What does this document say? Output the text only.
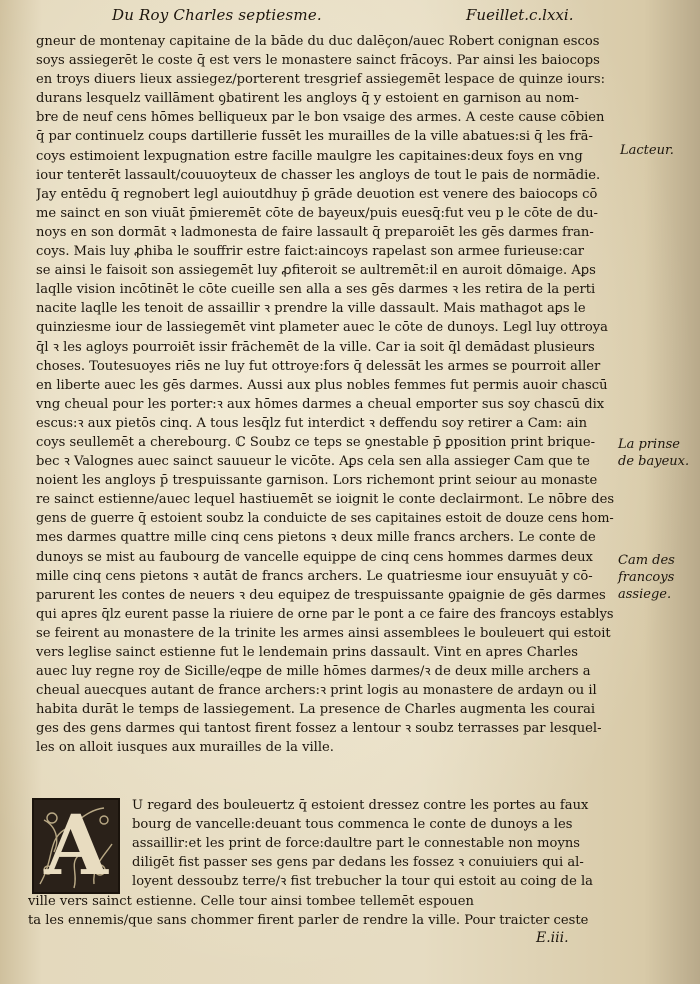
Du Roy Charles septiesme.	Fueillet.c.lxxi.
gneur de montenay capitaine de la bāde du duc dalēçon/auec Robert conignan escos
soys assiegerēt le coste q̄ est vers le monastere sainct frācoys. Par ainsi les baiocops
en troys diuers lieux assiegez/porterent tresgrief assiegemēt lespace de quinze iours:
durans lesquelz vaillāment ꝯbatirent les angloys q̄ y estoient en garnison au nom-
bre de neuf cens hōmes belliqueux par le bon vsaige des armes. A ceste cause cōbien
q̄ par continuelz coups dartillerie fussēt les murailles de la ville abatues:si q̄ les frā-
coys estimoient lexpugnation estre facille maulgre les capitaines:deux foys en vng
iour tenterēt lassault/couuoyteux de chasser les angloys de tout le pais de normādie.
Jay entēdu q̄ regnobert legl auioutdhuy p̄ grāde deuotion est venere des baiocops cō
me sainct en son viuāt p̄mieremēt cōte de bayeux/puis euesq̄:fut veu p le cōte de du-
noys en son dormāt ꝛ ladmonesta de faire lassault q̄ preparoiēt les gēs darmes fran-
coys. Mais luy ꝓhiba le souffrir estre faict:aincoys rapelast son armee furieuse:car
se ainsi le faisoit son assiegemēt luy ꝓfiteroit se aultremēt:il en auroit dōmaige. Aꝑs
laqlle vision incōtinēt le cōte cueille sen alla a ses gēs darmes ꝛ les retira de la perti
nacite laqlle les tenoit de assaillir ꝛ prendre la ville dassault. Mais mathagot aꝑs le
quinziesme iour de lassiegemēt vint plameter auec le cōte de dunoys. Legl luy ottroya
q̄l ꝛ les agloys pourroiēt issir frāchemēt de la ville. Car ia soit q̄l demādast plusieurs
choses. Toutesuoyes riēs ne luy fut ottroye:fors q̄ delessāt les armes se pourroit aller
en liberte auec les gēs darmes. Aussi aux plus nobles femmes fut permis auoir chascū
vng cheual pour les porter:ꝛ aux hōmes darmes a cheual emporter sus soy chascū dix
escus:ꝛ aux pietōs cinq. A tous lesq̄lz fut interdict ꝛ deffendu soy retirer a Cam: ain
coys seullemēt a cherebourg. ℂ Soubz ce teps se ꝯnestable p̄ ꝑposition print brique-
bec ꝛ Valognes auec sainct sauueur le vicōte. Aꝑs cela sen alla assieger Cam que te
noient les angloys p̄ trespuissante garnison. Lors richemont print seiour au monaste
re sainct estienne/auec lequel hastiuemēt se ioignit le conte declairmont. Le nōbre des
gens de guerre q̄ estoient soubz la conduicte de ses capitaines estoit de douze cens hom-
mes darmes quattre mille cinq cens pietons ꝛ deux mille francs archers. Le conte de
dunoys se mist au faubourg de vancelle equippe de cinq cens hommes darmes deux
mille cinq cens pietons ꝛ autāt de francs archers. Le quatriesme iour ensuyuāt y cō-
parurent les contes de neuers ꝛ deu equipez de trespuissante ꝯpaignie de gēs darmes
qui apres q̄lz eurent passe la riuiere de orne par le pont a ce faire des francoys establys
se feirent au monastere de la trinite les armes ainsi assemblees le bouleuert qui estoit
vers leglise sainct estienne fut le lendemain prins dassault. Vint en apres Charles
auec luy regne roy de Sicille/eqpe de mille hōmes darmes/ꝛ de deux mille archers a
cheual auecques autant de france archers:ꝛ print logis au monastere de ardayn ou il
habita durāt le temps de lassiegement. La presence de Charles augmenta les courai
ges des gens darmes qui tantost firent fossez a lentour ꝛ soubz terrasses par lesquel-
les on alloit iusques aux murailles de la ville.
A	U regard des bouleuertz q̄ estoient dressez contre les portes au faux
bourg de vancelle:deuant tous commenca le conte de dunoys a les
assaillir:et les print de force:daultre part le connestable non moyns
diligēt fist passer ses gens par dedans les fossez ꝛ conuiuiers qui al-
loyent dessoubz terre/ꝛ fist trebucher la tour qui estoit au coing de la
ville vers sainct estienne. Celle tour ainsi tombee tellemēt espouen
ta les ennemis/que sans chommer firent parler de rendre la ville. Pour traicter ceste
Lacteur.
La prinse
de bayeux.
Cam des
francoys
assiege.
E.iii.
